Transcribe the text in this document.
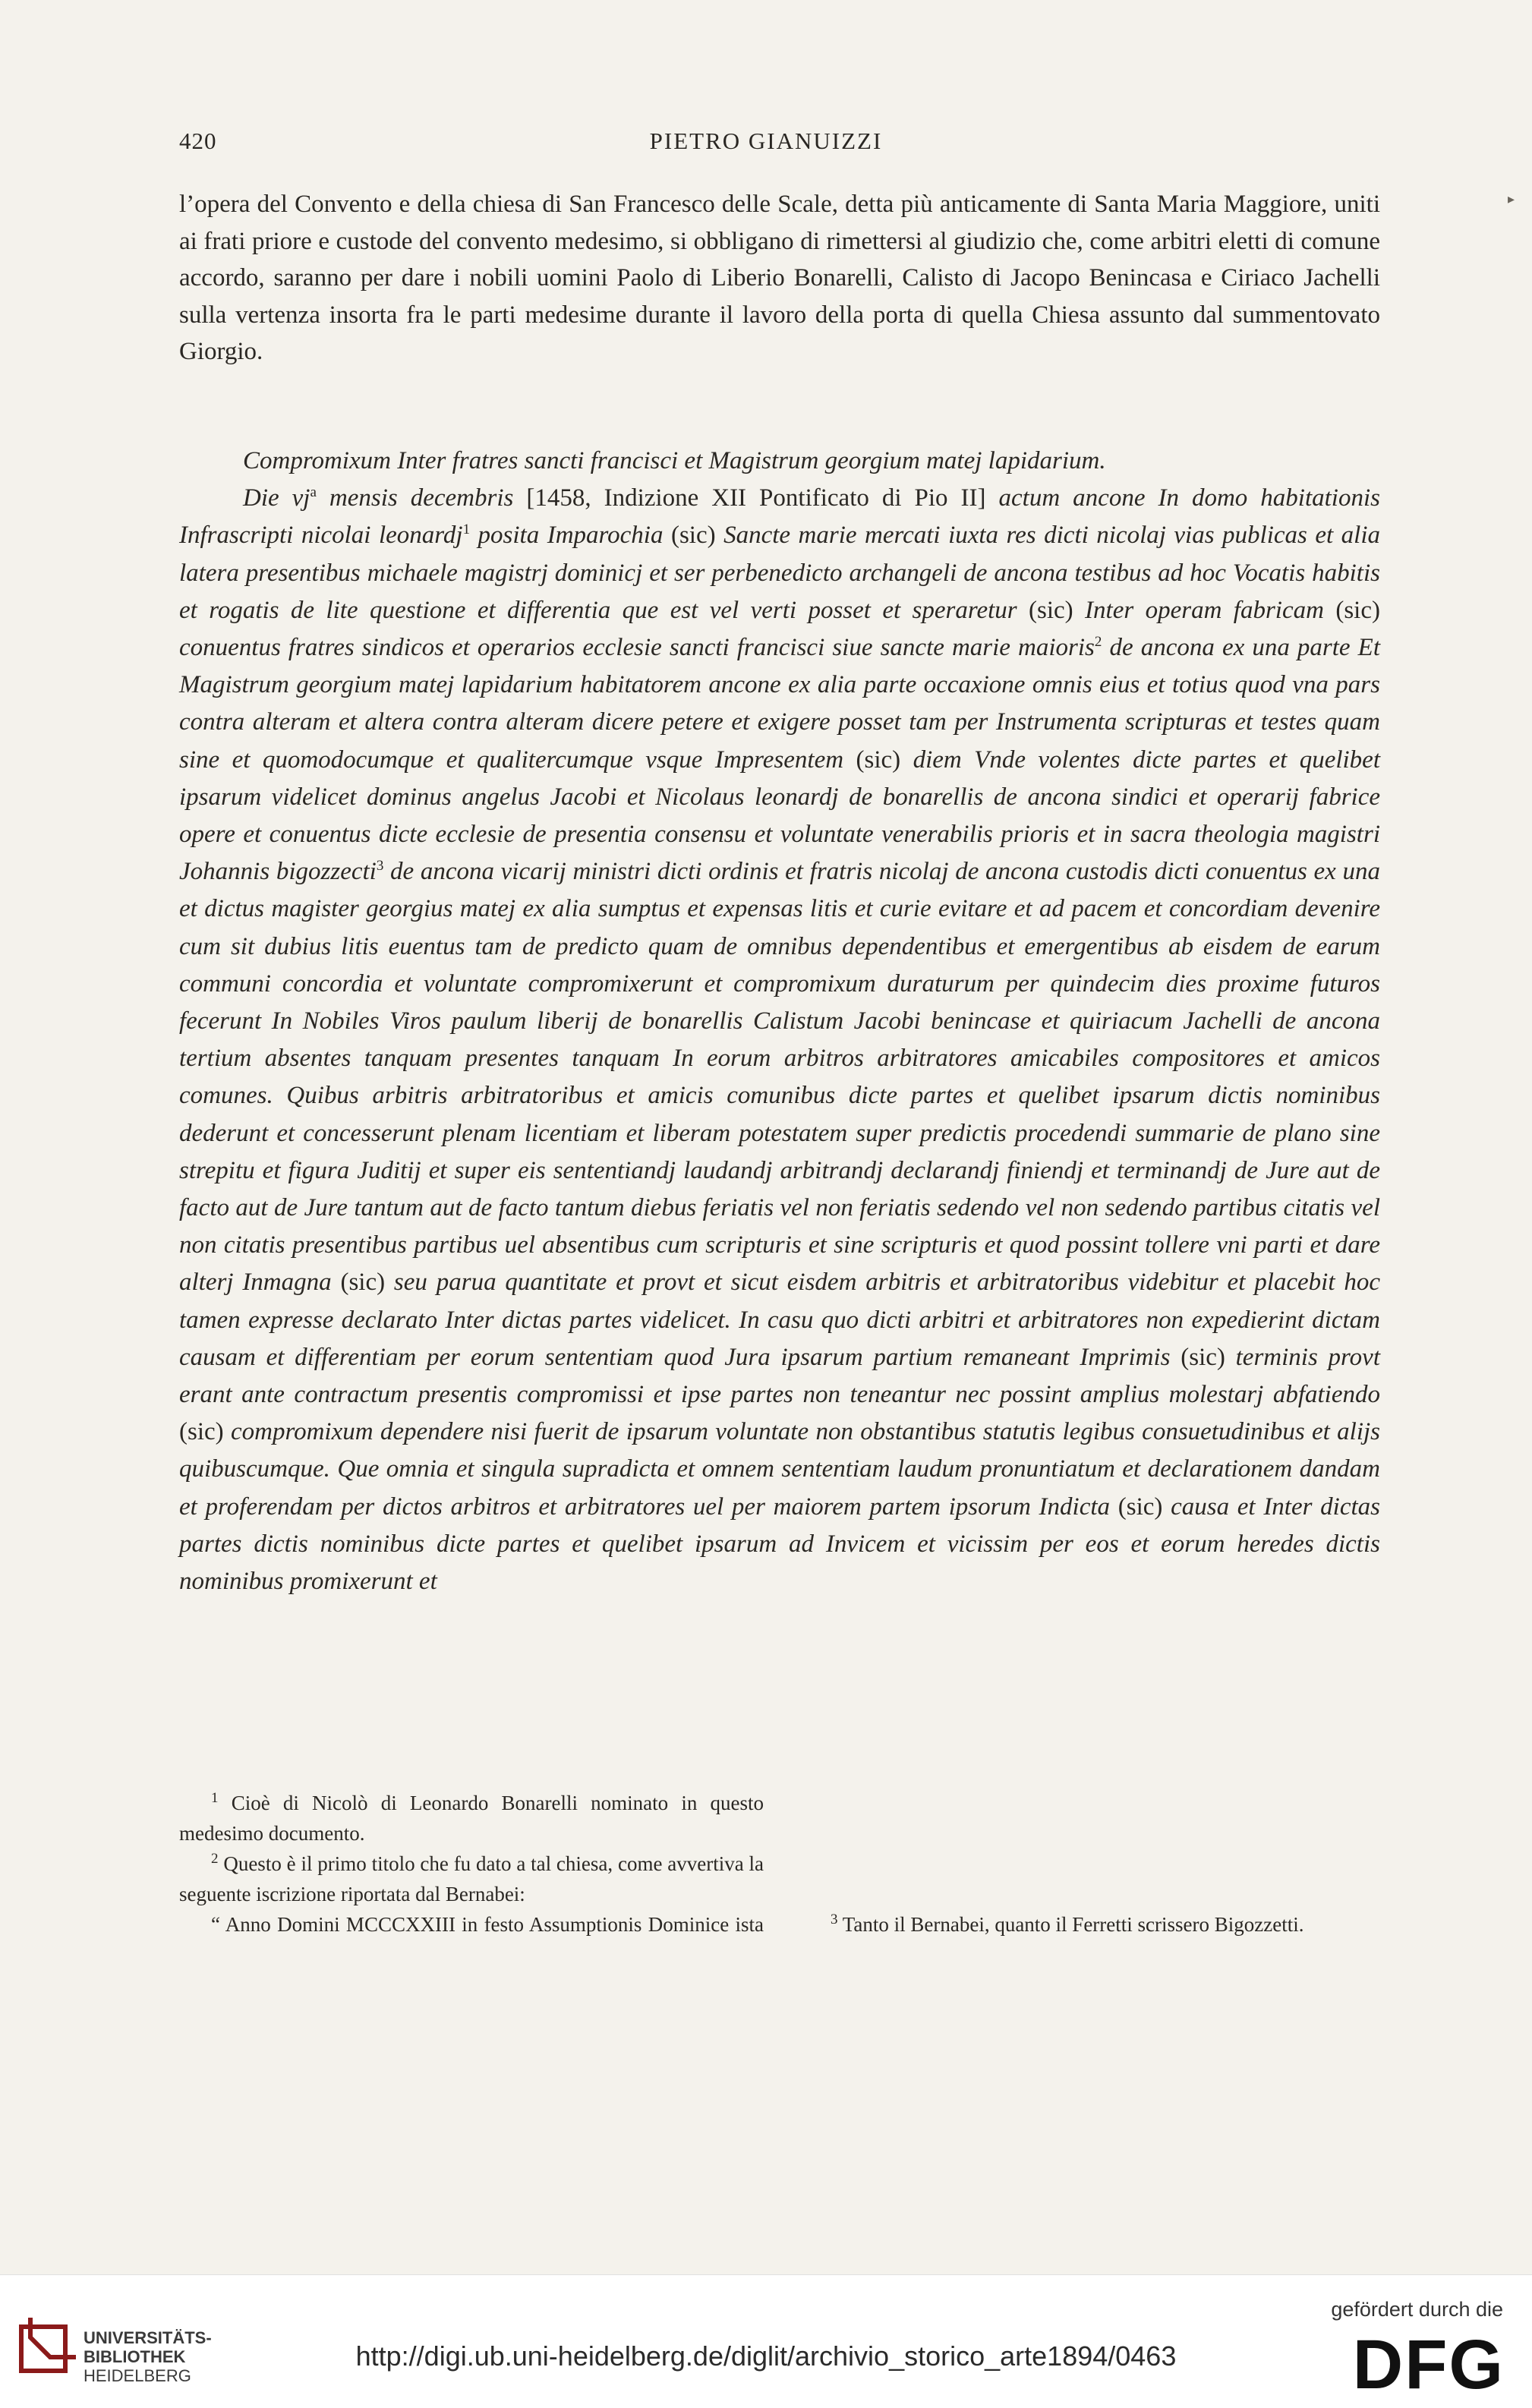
420	PIETRO GIANUIZZI
▸
l’opera del Convento e della chiesa di San Francesco delle Scale, detta più anticamente di Santa Maria Maggiore, uniti ai frati priore e custode del convento medesimo, si obbligano di rimettersi al giudizio che, come arbitri eletti di comune accordo, saranno per dare i nobili uomini Paolo di Liberio Bonarelli, Calisto di Jacopo Benincasa e Ciriaco Jachelli sulla vertenza insorta fra le parti medesime durante il lavoro della porta di quella Chiesa assunto dal summentovato Giorgio.

Compromixum Inter fratres sancti francisci et Magistrum georgium matej lapidarium.

Die $vj^a$ mensis decembris [1458, Indizione XII Pontificato di Pio II] actum ancone In domo habitationis Infrascripti nicolai leonardj$^1$ posita Imparochia (sic) Sancte marie mercati iuxta res dicti nicolaj vias publicas et alia latera presentibus michaele magistrj dominicj et ser perbenedicto archangeli de ancona testibus ad hoc Vocatis habitis et rogatis de lite questione et differentia que est vel verti posset et speraretur (sic) Inter operam fabricam (sic) conuentus fratres sindicos et operarios ecclesie sancti francisci siue sancte marie maioris$^2$ de ancona ex una parte Et Magistrum georgium matej lapidarium habitatorem ancone ex alia parte occaxione omnis eius et totius quod vna pars contra alteram et altera contra alteram dicere petere et exigere posset tam per Instrumenta scripturas et testes quam sine et quomodocumque et qualitercumque vsque Impresentem (sic) diem Vnde volentes dicte partes et quelibet ipsarum videlicet dominus angelus Jacobi et Nicolaus leonardj de bonarellis de ancona sindici et operarij fabrice opere et conuentus dicte ecclesie de presentia consensu et voluntate venerabilis prioris et in sacra theologia magistri Johannis bigozzecti$^3$ de ancona vicarij ministri dicti ordinis et fratris nicolaj de ancona custodis dicti conuentus ex una et dictus magister georgius matej ex alia sumptus et expensas litis et curie evitare et ad pacem et concordiam devenire cum sit dubius litis euentus tam de predicto quam de omnibus dependentibus et emergentibus ab eisdem de earum communi concordia et voluntate compromixerunt et compromixum duraturum per quindecim dies proxime futuros fecerunt In Nobiles Viros paulum liberij de bonarellis Calistum Jacobi benincase et quiriacum Jachelli de ancona tertium absentes tanquam presentes tanquam In eorum arbitros arbitratores amicabiles compositores et amicos comunes. Quibus arbitris arbitratoribus et amicis comunibus dicte partes et quelibet ipsarum dictis nominibus dederunt et concesserunt plenam licentiam et liberam potestatem super predictis procedendi summarie de plano sine strepitu et figura Juditij et super eis sententiandj laudandj arbitrandj declarandj finiendj et terminandj de Jure aut de facto aut de Jure tantum aut de facto tantum diebus feriatis vel non feriatis sedendo vel non sedendo partibus citatis vel non citatis presentibus partibus uel absentibus cum scripturis et sine scripturis et quod possint tollere vni parti et dare alterj Inmagna (sic) seu parua quantitate et provt et sicut eisdem arbitris et arbitratoribus videbitur et placebit hoc tamen expresse declarato Inter dictas partes videlicet. In casu quo dicti arbitri et arbitratores non expedierint dictam causam et differentiam per eorum sententiam quod Jura ipsarum partium remaneant Imprimis (sic) terminis provt erant ante contractum presentis compromissi et ipse partes non teneantur nec possint amplius molestarj abfatiendo (sic) compromixum dependere nisi fuerit de ipsarum voluntate non obstantibus statutis legibus consuetudinibus et alijs quibuscumque. Que omnia et singula supradicta et omnem sententiam laudum pronuntiatum et declarationem dandam et proferendam per dictos arbitros et arbitratores uel per maiorem partem ipsorum Indicta (sic) causa et Inter dictas partes dictis nominibus dicte partes et quelibet ipsarum ad Invicem et vicissim per eos et eorum heredes dictis nominibus promixerunt et

$^1$ Cioè di Nicolò di Leonardo Bonarelli nominato in questo medesimo documento.

$^2$ Questo è il primo titolo che fu dato a tal chiesa, come avvertiva la seguente iscrizione riportata dal Bernabei:

“ Anno Domini MCCCXXIII in festo Assumptionis Dominice ista	$^3$ Tanto il Bernabei, quanto il Ferretti scrissero Bigozzetti.

UNIVERSITÄTS-
BIBLIOTHEK
HEIDELBERG
http://digi.ub.uni-heidelberg.de/diglit/archivio_storico_arte1894/0463
gefördert durch die
DFG
